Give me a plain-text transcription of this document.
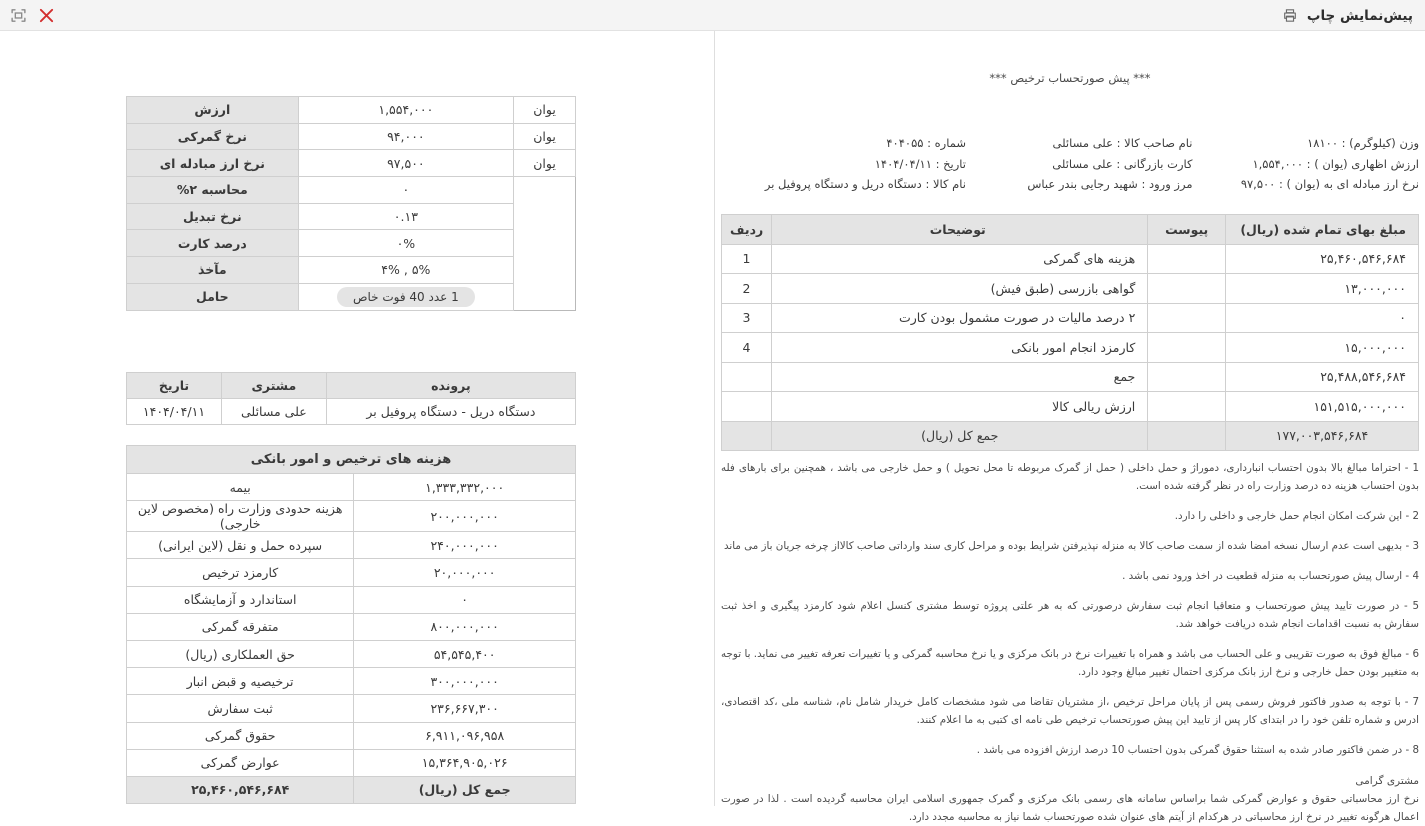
پیش‌نمایش چاپ
یوان	۱,۵۵۴,۰۰۰	ارزش
یوان	۹۴,۰۰۰	نرخ گمرکی
یوان	۹۷,۵۰۰	نرخ ارز مبادله ای
	۰	محاسبه ۲%
	۰.۱۳	نرخ تبدیل
	۰%	درصد کارت
	۵% , ۴%	مآخذ
	1 عدد 40 فوت خاص	حامل
پرونده	مشتری	تاریخ
دستگاه دریل - دستگاه پروفیل بر	علی مسائلی	۱۴۰۴/۰۴/۱۱
هزینه های ترخیص و امور بانکی	
۱,۳۳۳,۳۳۲,۰۰۰	بیمه
۲۰۰,۰۰۰,۰۰۰	هزینه حدودی وزارت راه (مخصوص لاین خارجی)
۲۴۰,۰۰۰,۰۰۰	سپرده حمل و نقل (لاین ایرانی)
۲۰,۰۰۰,۰۰۰	کارمزد ترخیص
۰	استاندارد و آزمایشگاه
۸۰۰,۰۰۰,۰۰۰	متفرقه گمرکی
۵۴,۵۴۵,۴۰۰	حق العملکاری (ریال)
۳۰۰,۰۰۰,۰۰۰	ترخیصیه و قبض انبار
۲۳۶,۶۶۷,۳۰۰	ثبت سفارش
۶,۹۱۱,۰۹۶,۹۵۸	حقوق گمرکی
۱۵,۳۶۴,۹۰۵,۰۲۶	عوارض گمرکی
جمع کل (ریال)	۲۵,۴۶۰,۵۴۶,۶۸۴
*** پیش صورتحساب ترخیص ***
وزن (کیلوگرم) : ۱۸۱۰۰
ارزش اظهاری (یوان ) : ۱,۵۵۴,۰۰۰
نرخ ارز مبادله ای به (یوان ) : ۹۷,۵۰۰
نام صاحب کالا : علی مسائلی
کارت بازرگانی : علی مسائلی
مرز ورود : شهید رجایی بندر عباس
شماره : ۴۰۴۰۵۵
تاریخ : ۱۴۰۴/۰۴/۱۱
نام کالا : دستگاه دریل و دستگاه پروفیل بر
مبلغ بهای تمام شده (ریال)	پیوست	توضیحات	ردیف
۲۵,۴۶۰,۵۴۶,۶۸۴		هزینه های گمرکی	1
۱۳,۰۰۰,۰۰۰		گواهی بازرسی (طبق فیش)	2
۰		۲ درصد مالیات در صورت مشمول بودن کارت	3
۱۵,۰۰۰,۰۰۰		کارمزد انجام امور بانکی	4
۲۵,۴۸۸,۵۴۶,۶۸۴		جمع	
۱۵۱,۵۱۵,۰۰۰,۰۰۰		ارزش ریالی کالا	
۱۷۷,۰۰۳,۵۴۶,۶۸۴		جمع کل (ریال)	
1 - احتراما مبالغ بالا بدون احتساب انبارداری، دموراژ و حمل داخلی ( حمل از گمرک مربوطه تا محل تحویل ) و حمل خارجی می باشد ، همچنین برای بارهای فله بدون احتساب هزینه ده درصد وزارت راه در نظر گرفته شده است.
2 - این شرکت امکان انجام حمل خارجی و داخلی را دارد.
3 - بدیهی است عدم ارسال نسخه امضا شده از سمت صاحب کالا به منزله نپذیرفتن شرایط بوده و مراحل کاری سند وارداتی صاحب کالااز چرخه جریان باز می ماند
4 - ارسال پیش صورتحساب به منزله قطعیت در اخذ ورود نمی باشد .
5 - در صورت تایید پیش صورتحساب و متعاقبا انجام ثبت سفارش درصورتی که به هر علتی پروژه توسط مشتری کنسل اعلام شود کارمزد پیگیری و اخذ ثبت سفارش به نسبت اقدامات انجام شده دریافت خواهد شد.
6 - مبالغ فوق به صورت تقریبی و علی الحساب می باشد و همراه با تغییرات نرخ در بانک مرکزی و یا نرخ محاسبه گمرکی و یا تغییرات تعرفه تغییر می نماید. با توجه به متغییر بودن حمل خارجی و نرخ ارز بانک مرکزی احتمال تغییر مبالغ وجود دارد.
7 - با توجه به صدور فاکتور فروش رسمی پس از پایان مراحل ترخیص ،از مشتریان تقاضا می شود مشخصات کامل خریدار شامل نام، شناسه ملی ،کد اقتصادی، ادرس و شماره تلفن خود را در ابتدای کار پس از تایید این پیش صورتحساب ترخیص طی نامه ای کتبی به ما اعلام کنند.
8 - در ضمن فاکتور صادر شده به استثنا حقوق گمرکی بدون احتساب 10 درصد ارزش افزوده می باشد .
مشتری گرامی
نرخ ارز محاسباتی حقوق و عوارض گمرکی شما براساس سامانه های رسمی بانک مرکزی و گمرک جمهوری اسلامی ایران محاسبه گردیده است . لذا در صورت اعمال هرگونه تغییر در نرخ ارز محاسباتی در هرکدام از آیتم های عنوان شده صورتحساب شما نیاز به محاسبه مجدد دارد.
